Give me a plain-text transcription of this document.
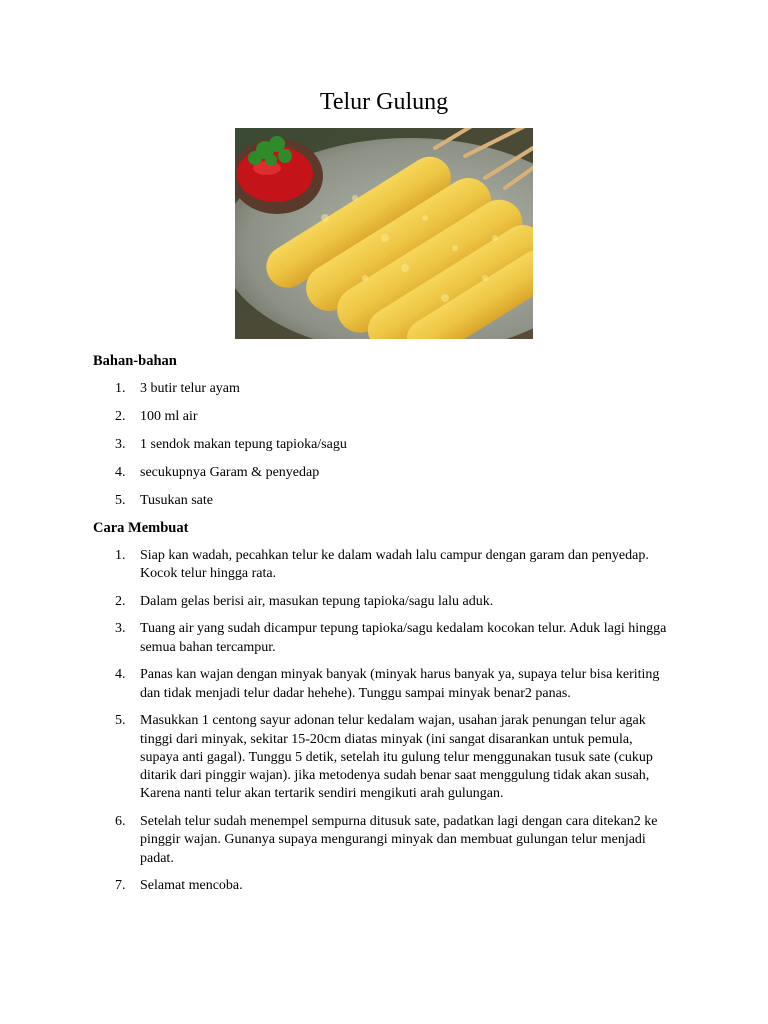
Telur Gulung
Bahan-bahan
1. 3 butir telur ayam
2. 100 ml air
3. 1 sendok makan tepung tapioka/sagu
4. secukupnya Garam & penyedap
5. Tusukan sate
Cara Membuat
1. Siap kan wadah, pecahkan telur ke dalam wadah lalu campur dengan garam dan penyedap. Kocok telur hingga rata.
2. Dalam gelas berisi air, masukan tepung tapioka/sagu lalu aduk.
3. Tuang air yang sudah dicampur tepung tapioka/sagu kedalam kocokan telur. Aduk lagi hingga semua bahan tercampur.
4. Panas kan wajan dengan minyak banyak (minyak harus banyak ya, supaya telur bisa keriting dan tidak menjadi telur dadar hehehe). Tunggu sampai minyak benar2 panas.
5. Masukkan 1 centong sayur adonan telur kedalam wajan, usahan jarak penungan telur agak tinggi dari minyak, sekitar 15-20cm diatas minyak (ini sangat disarankan untuk pemula, supaya anti gagal). Tunggu 5 detik, setelah itu gulung telur menggunakan tusuk sate (cukup ditarik dari pinggir wajan). jika metodenya sudah benar saat menggulung tidak akan susah, Karena nanti telur akan tertarik sendiri mengikuti arah gulungan.
6. Setelah telur sudah menempel sempurna ditusuk sate, padatkan lagi dengan cara ditekan2 ke pinggir wajan. Gunanya supaya mengurangi minyak dan membuat gulungan telur menjadi padat.
7. Selamat mencoba.
